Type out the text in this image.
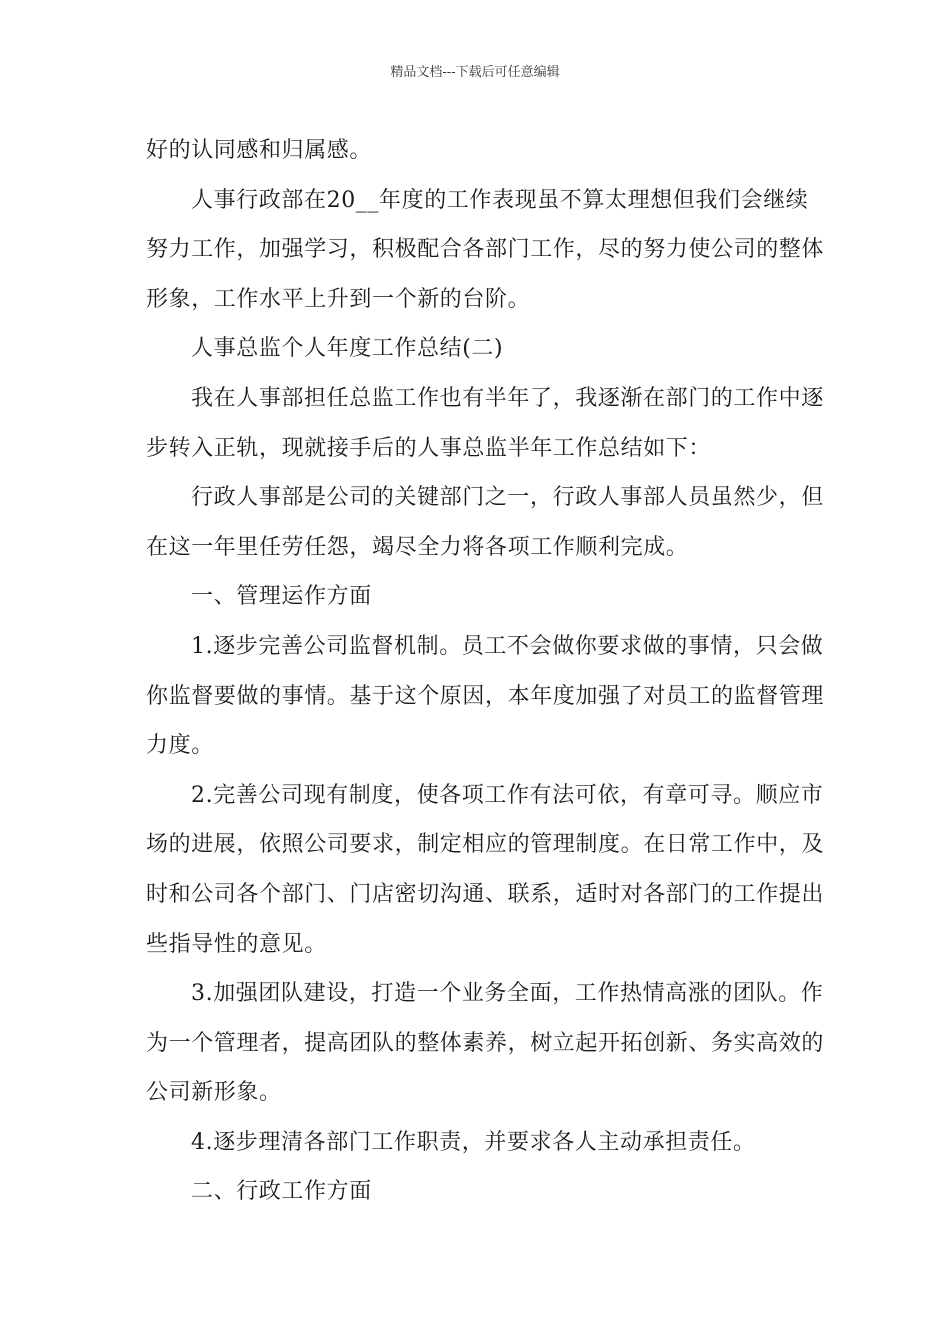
精品文档---下载后可任意编辑

好的认同感和归属感。

人事行政部在20__年度的工作表现虽不算太理想但我们会继续努力工作，加强学习，积极配合各部门工作，尽的努力使公司的整体形象，工作水平上升到一个新的台阶。

人事总监个人年度工作总结(二)

我在人事部担任总监工作也有半年了，我逐渐在部门的工作中逐步转入正轨，现就接手后的人事总监半年工作总结如下：

行政人事部是公司的关键部门之一，行政人事部人员虽然少，但在这一年里任劳任怨，竭尽全力将各项工作顺利完成。

一、管理运作方面

1.逐步完善公司监督机制。员工不会做你要求做的事情，只会做你监督要做的事情。基于这个原因，本年度加强了对员工的监督管理力度。

2.完善公司现有制度，使各项工作有法可依，有章可寻。顺应市场的进展，依照公司要求，制定相应的管理制度。在日常工作中，及时和公司各个部门、门店密切沟通、联系，适时对各部门的工作提出些指导性的意见。

3.加强团队建设，打造一个业务全面，工作热情高涨的团队。作为一个管理者，提高团队的整体素养，树立起开拓创新、务实高效的公司新形象。

4.逐步理清各部门工作职责，并要求各人主动承担责任。

二、行政工作方面
